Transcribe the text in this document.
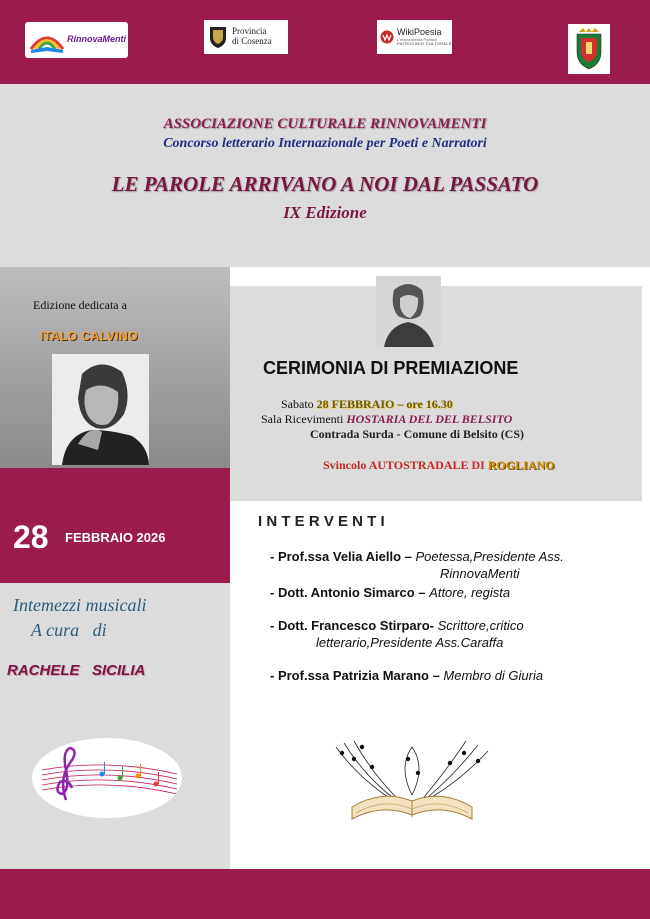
RinnovaMenti
Provincia
di Cosenza
WikiPoesia
L'enciclopedia Poetica
PATROCINIO CULTURALE
ASSOCIAZIONE CULTURALE RINNOVAMENTI
Concorso letterario Internazionale per Poeti e Narratori
LE PAROLE ARRIVANO A NOI DAL PASSATO
IX Edizione
Edizione dedicata a
ITALO CALVINO
CERIMONIA DI PREMIAZIONE
Sabato 28 FEBBRAIO – ore 16.30
Sala Ricevimenti HOSTARIA DEL DEL BELSITO
Contrada Surda - Comune di Belsito (CS)
Svincolo AUTOSTRADALE DI ROGLIANO
28 FEBBRAIO 2026
Intemezzi musicali
A cura   di
RACHELE   SICILIA
I N T E R V E N T I
- Prof.ssa Velia Aiello – Poetessa,Presidente Ass.
RinnovaMenti
- Dott. Antonio Simarco – Attore, regista
- Dott. Francesco Stirparo- Scrittore,critico
letterario,Presidente Ass.Caraffa
- Prof.ssa Patrizia Marano – Membro di Giuria
